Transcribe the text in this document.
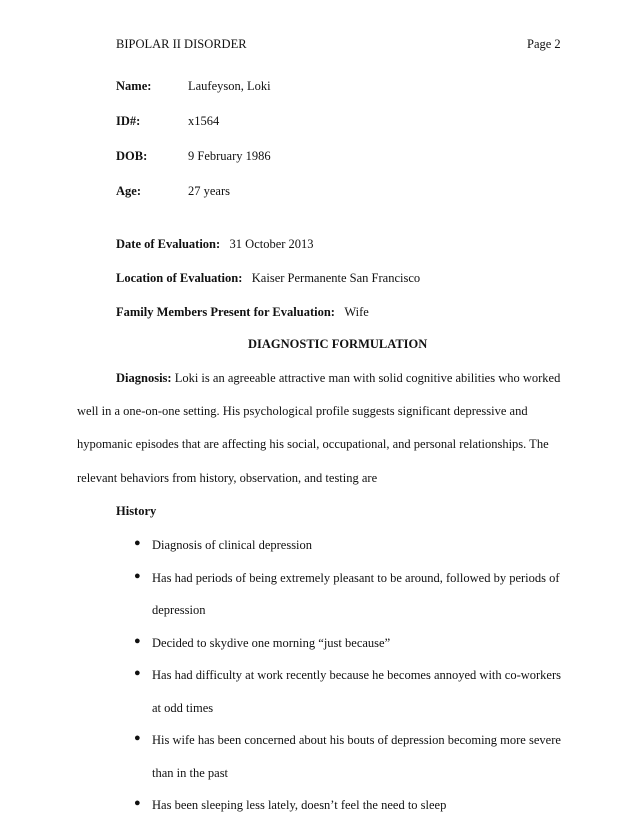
BIPOLAR II DISORDER	Page 2
Name:	Laufeyson, Loki
ID#:	x1564
DOB:	9 February 1986
Age:	27 years
Date of Evaluation: 31 October 2013
Location of Evaluation: Kaiser Permanente San Francisco
Family Members Present for Evaluation: Wife
DIAGNOSTIC FORMULATION
Diagnosis: Loki is an agreeable attractive man with solid cognitive abilities who worked
well in a one-on-one setting. His psychological profile suggests significant depressive and
hypomanic episodes that are affecting his social, occupational, and personal relationships. The
relevant behaviors from history, observation, and testing are
History
● Diagnosis of clinical depression
● Has had periods of being extremely pleasant to be around, followed by periods of
depression
● Decided to skydive one morning “just because”
● Has had difficulty at work recently because he becomes annoyed with co-workers
at odd times
● His wife has been concerned about his bouts of depression becoming more severe
than in the past
● Has been sleeping less lately, doesn’t feel the need to sleep
